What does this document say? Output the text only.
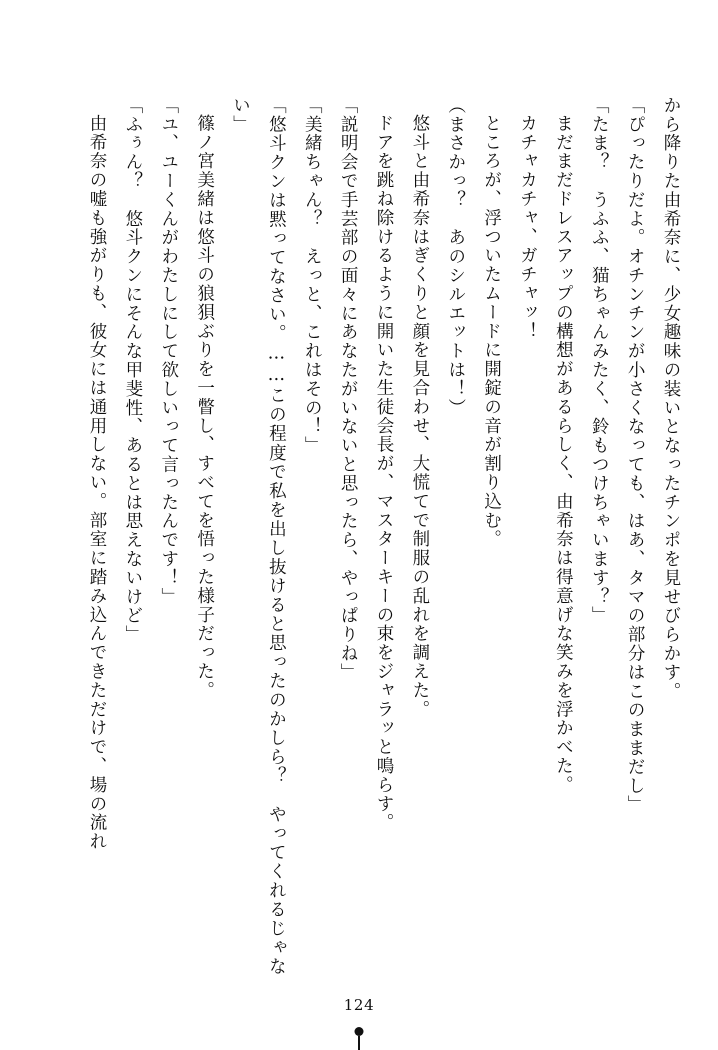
から降りた由希奈に、少女趣味の装いとなったチンポを見せびらかす。

「ぴったりだよ。オチンチンが小さくなっても、はあ、タマの部分はこのままだし」

「たま？　うふふ、猫ちゃんみたく、鈴もつけちゃいます？」

まだまだドレスアップの構想があるらしく、由希奈は得意げな笑みを浮かべた。

カチャカチャ、ガチャッ！

ところが、浮ついたムードに開錠の音が割り込む。

（まさかっ？　あのシルエットは！）

悠斗と由希奈はぎくりと顔を見合わせ、大慌てで制服の乱れを調えた。

ドアを跳ね除けるように開いた生徒会長が、マスターキーの束をジャラッと鳴らす。

「説明会で手芸部の面々にあなたがいないと思ったら、やっぱりね」

「美緒ちゃん？　えっと、これはその！」

「悠斗クンは黙ってなさい。……この程度で私を出し抜けると思ったのかしら？　やってくれるじゃない」

篠ノ宮美緒は悠斗の狼狽ぶりを一瞥し、すべてを悟った様子だった。

「ユ、ユーくんがわたしにして欲しいって言ったんです！」

「ふぅん？　悠斗クンにそんな甲斐性、あるとは思えないけど」

由希奈の嘘も強がりも、彼女には通用しない。部室に踏み込んできただけで、場の流れ

124
